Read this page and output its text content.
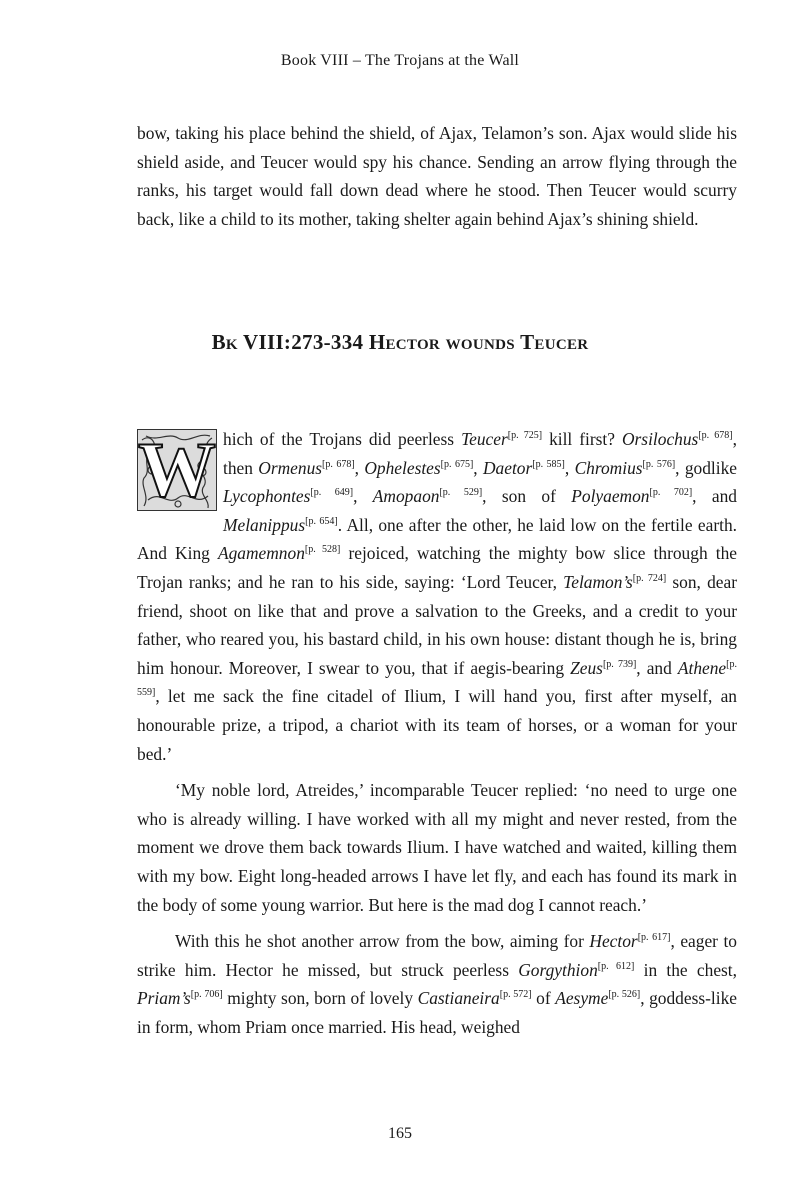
Book VIII – The Trojans at the Wall

bow, taking his place behind the shield, of Ajax, Telamon’s son. Ajax would slide his shield aside, and Teucer would spy his chance. Sending an arrow flying through the ranks, his target would fall down dead where he stood. Then Teucer would scurry back, like a child to its mother, taking shelter again behind Ajax’s shining shield.

Bk VIII:273-334 Hector wounds Teucer

W hich of the Trojans did peerless Teucer[p. 725] kill first? Orsilochus[p. 678], then Ormenus[p. 678], Ophelestes[p. 675], Daetor[p. 585], Chromius[p. 576], godlike Lycophontes[p. 649], Amopaon[p. 529], son of Polyaemon[p. 702], and Melanippus[p. 654]. All, one after the other, he laid low on the fertile earth. And King Agamemnon[p. 528] rejoiced, watching the mighty bow slice through the Trojan ranks; and he ran to his side, saying: ‘Lord Teucer, Telamon’s[p. 724] son, dear friend, shoot on like that and prove a salvation to the Greeks, and a credit to your father, who reared you, his bastard child, in his own house: distant though he is, bring him honour. Moreover, I swear to you, that if aegis-bearing Zeus[p. 739], and Athene[p. 559], let me sack the fine citadel of Ilium, I will hand you, first after myself, an honourable prize, a tripod, a chariot with its team of horses, or a woman for your bed.’

‘My noble lord, Atreides,’ incomparable Teucer replied: ‘no need to urge one who is already willing. I have worked with all my might and never rested, from the moment we drove them back towards Ilium. I have watched and waited, killing them with my bow. Eight long-headed arrows I have let fly, and each has found its mark in the body of some young warrior. But here is the mad dog I cannot reach.’

With this he shot another arrow from the bow, aiming for Hector[p. 617], eager to strike him. Hector he missed, but struck peerless Gorgythion[p. 612] in the chest, Priam’s[p. 706] mighty son, born of lovely Castianeira[p. 572] of Aesyme[p. 526], goddess-like in form, whom Priam once married. His head, weighed

165
